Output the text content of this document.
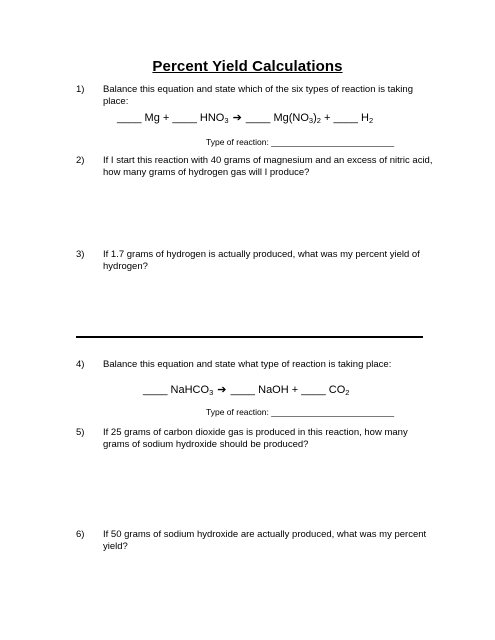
Percent Yield Calculations
1) Balance this equation and state which of the six types of reaction is taking place:
____ Mg + ____ $HNO_3$ ➔ ____ $Mg(NO_3)_2$ + ____ $H_2$
Type of reaction: __________________________
2) If I start this reaction with 40 grams of magnesium and an excess of nitric acid, how many grams of hydrogen gas will I produce?
3) If 1.7 grams of hydrogen is actually produced, what was my percent yield of hydrogen?
4) Balance this equation and state what type of reaction is taking place:
____ NaHCO$_3$ ➔ ____ NaOH + ____ $CO_2$
Type of reaction: __________________________
5) If 25 grams of carbon dioxide gas is produced in this reaction, how many grams of sodium hydroxide should be produced?
6) If 50 grams of sodium hydroxide are actually produced, what was my percent yield?
